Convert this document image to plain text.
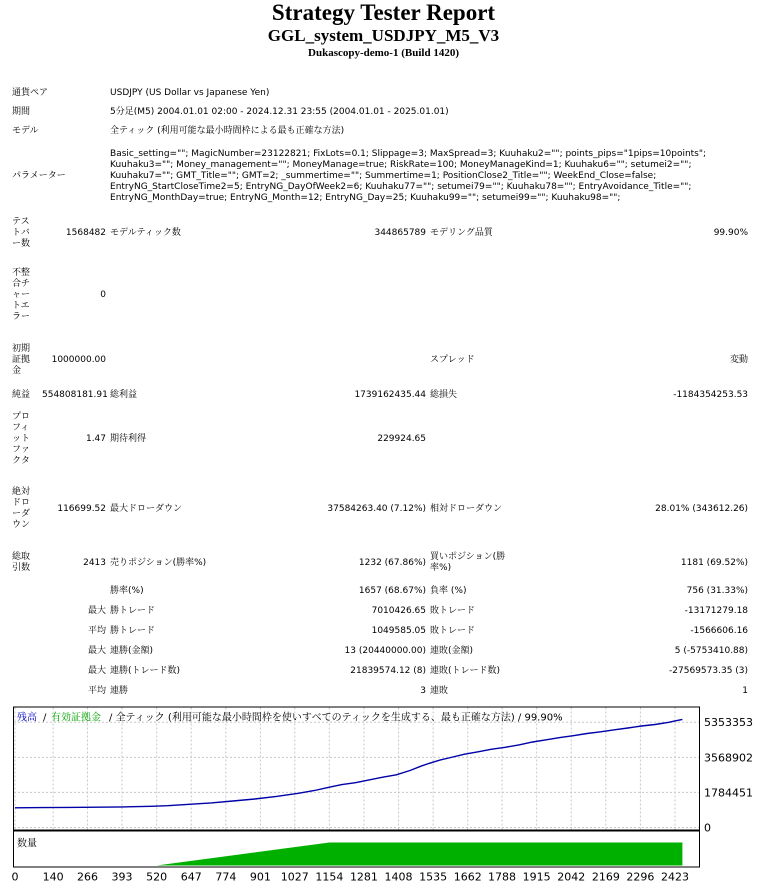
Strategy Tester Report
GGL_system_USDJPY_M5_V3
Dukascopy-demo-1 (Build 1420)
通貨ペア		USDJPY (US Dollar vs Japanese Yen)			
期間		5分足(M5) 2004.01.01 02:00 - 2024.12.31 23:55 (2004.01.01 - 2025.01.01)			
モデル		全ティック (利用可能な最小時間枠による最も正確な方法)			
パラメーター		Basic_setting=""; MagicNumber=23122821; FixLots=0.1; Slippage=3; MaxSpread=3; Kuuhaku2=""; points_pips="1pips=10points"; Kuuhaku3=""; Money_management=""; MoneyManage=true; RiskRate=100; MoneyManageKind=1; Kuuhaku6=""; setumei2=""; Kuuhaku7=""; GMT_Title=""; GMT=2; _summertime=""; Summertime=1; PositionClose2_Title=""; WeekEnd_Close=false; EntryNG_StartCloseTime2=5; EntryNG_DayOfWeek2=6; Kuuhaku77=""; setumei79=""; Kuuhaku78=""; EntryAvoidance_Title=""; EntryNG_MonthDay=true; EntryNG_Month=12; EntryNG_Day=25; Kuuhaku99=""; setumei99=""; Kuuhaku98="";			
テストバー数	1568482	モデルティック数	344865789	モデリング品質	99.90%
不整合チャートエラー	0				
初期証拠金	1000000.00			スプレッド	変動
純益	554808181.91	総利益	1739162435.44	総損失	-1184354253.53
プロフィットファクタ	1.47	期待利得	229924.65		
絶対ドローダウン	116699.52	最大ドローダウン	37584263.40 (7.12%)	相対ドローダウン	28.01% (343612.26)
総取引数	2413	売りポジション(勝率%)	1232 (67.86%)	買いポジション(勝率%)	1181 (69.52%)
		勝率(%)	1657 (68.67%)	負率 (%)	756 (31.33%)
	最大	勝トレード	7010426.65	敗トレード	-13171279.18
	平均	勝トレード	1049585.05	敗トレード	-1566606.16
	最大	連勝(金額)	13 (20440000.00)	連敗(金額)	5 (-5753410.88)
	最大	連勝(トレード数)	21839574.12 (8)	連敗(トレード数)	-27569573.35 (3)
	平均	連勝	3	連敗	1
残高 / 有効証拠金 / 全ティック (利用可能な最小時間枠を使いすべてのティックを生成する、最も正確な方法) / 99.90%
0
1784451
3568902
5353353
数量
0 140 266 393 520 647 774 901 1027 1154 1281 1408 1535 1662 1788 1915 2042 2169 2296 2423
